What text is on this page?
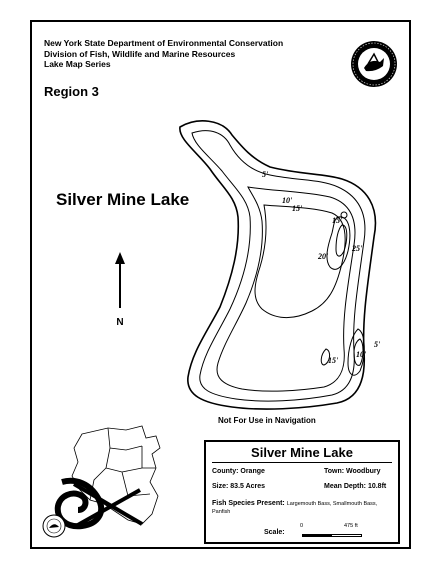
New York State Department of Environmental Conservation
Division of Fish, Wildlife and Marine Resources
Lake Map Series
Region 3
Silver Mine Lake
5'
10'
15'
15'
20'
25'
5'
10'
15'
N
Not For Use in Navigation
Silver Mine Lake
County: Orange	Town: Woodbury
Size: 83.5 Acres	Mean Depth: 10.8ft
Fish Species Present: Largemouth Bass, Smallmouth Bass,
Panfish
Scale:
0	475 ft
